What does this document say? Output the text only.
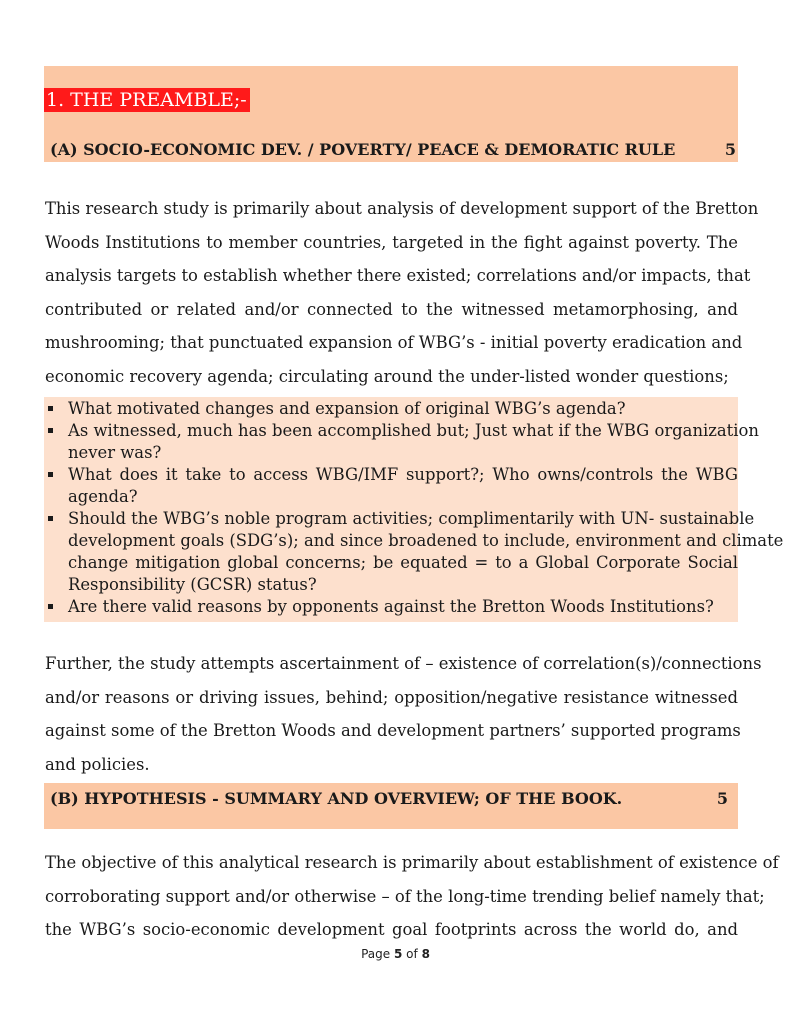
1. THE PREAMBLE;-
(A) SOCIO-ECONOMIC DEV. / POVERTY/ PEACE & DEMORATIC RULE	5
This research study is primarily about analysis of development support of the Bretton
Woods Institutions to member countries, targeted in the fight against poverty. The
analysis targets to establish whether there existed; correlations and/or impacts, that
contributed or related and/or connected to the witnessed metamorphosing, and
mushrooming; that punctuated expansion of WBG’s - initial poverty eradication and
economic recovery agenda; circulating around the under-listed wonder questions;
What motivated changes and expansion of original WBG’s agenda?
As witnessed, much has been accomplished but; Just what if the WBG organization
never was?
What does it take to access WBG/IMF support?; Who owns/controls the WBG
agenda?
Should the WBG’s noble program activities; complimentarily with UN- sustainable
development goals (SDG’s); and since broadened to include, environment and climate
change mitigation global concerns; be equated = to a Global Corporate Social
Responsibility (GCSR) status?
Are there valid reasons by opponents against the Bretton Woods Institutions?
Further, the study attempts ascertainment of – existence of correlation(s)/connections
and/or reasons or driving issues, behind; opposition/negative resistance witnessed
against some of the Bretton Woods and development partners’ supported programs
and policies.
(B) HYPOTHESIS - SUMMARY AND OVERVIEW; OF THE BOOK.	5
The objective of this analytical research is primarily about establishment of existence of
corroborating support and/or otherwise – of the long-time trending belief namely that;
the WBG’s socio-economic development goal footprints across the world do, and
Page 5 of 8
